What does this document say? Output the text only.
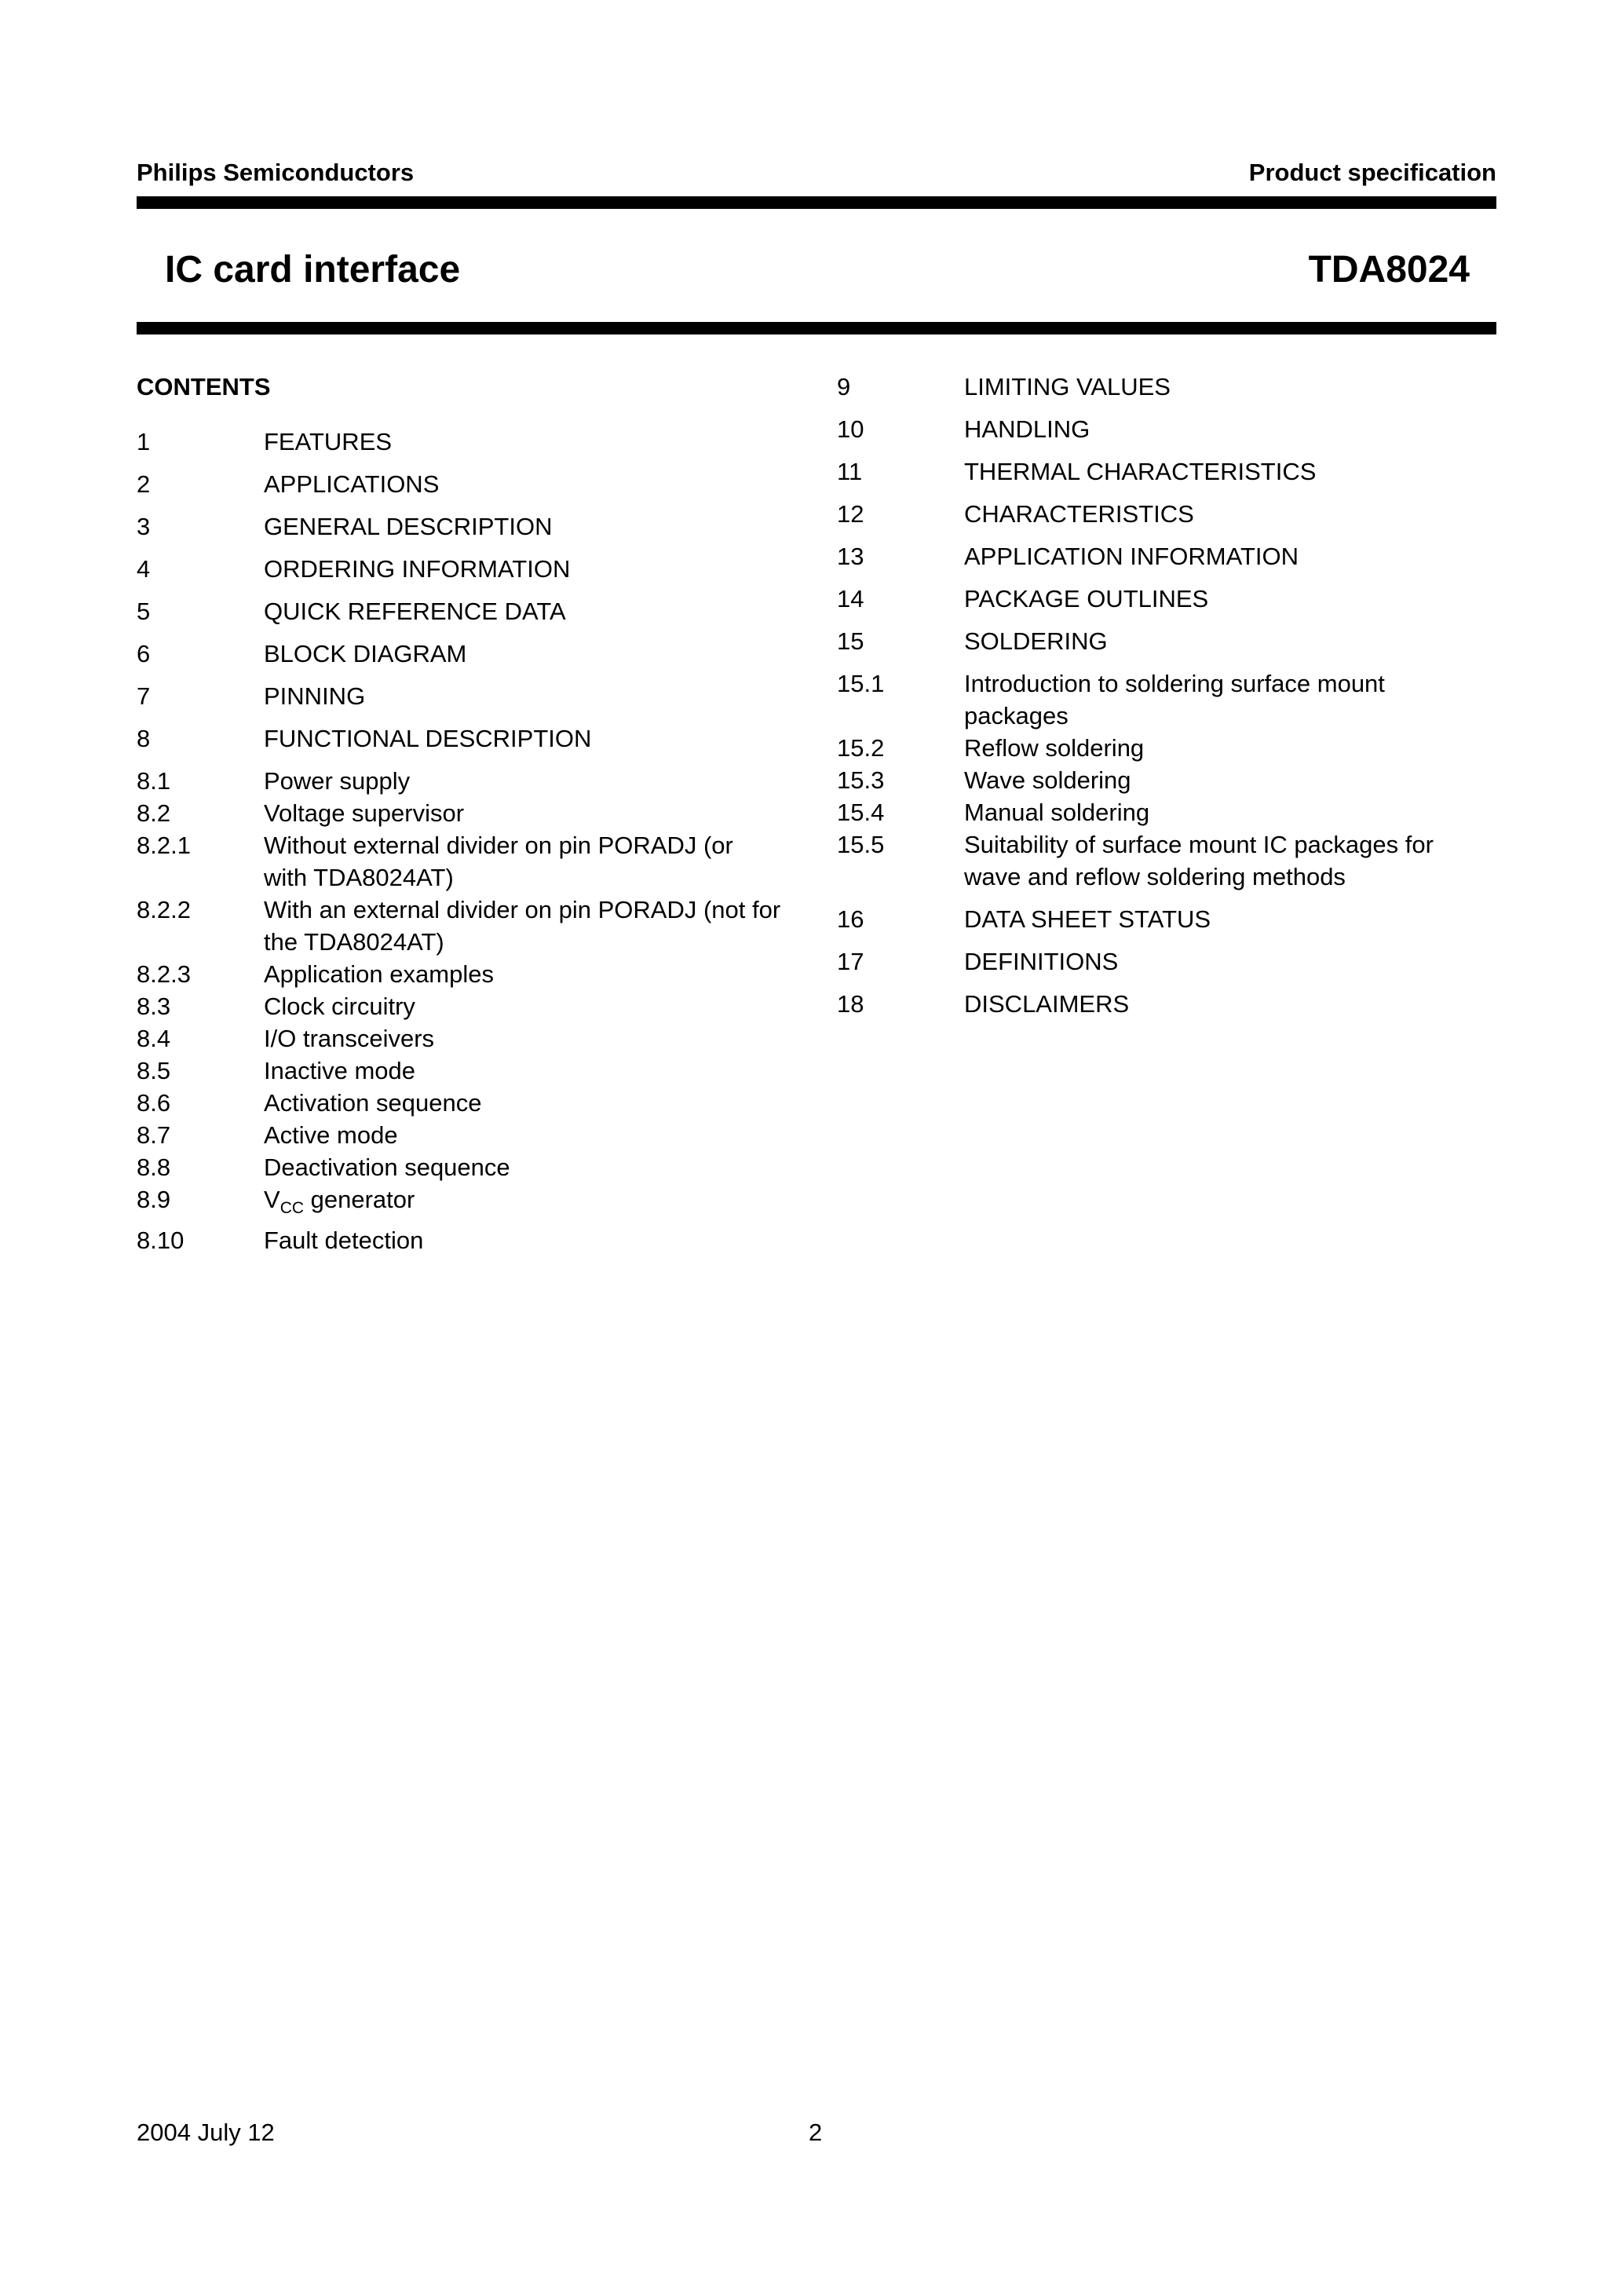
Philips Semiconductors	Product specification
IC card interface	TDA8024
CONTENTS
1	FEATURES
2	APPLICATIONS
3	GENERAL DESCRIPTION
4	ORDERING INFORMATION
5	QUICK REFERENCE DATA
6	BLOCK DIAGRAM
7	PINNING
8	FUNCTIONAL DESCRIPTION
8.1	Power supply
8.2	Voltage supervisor
8.2.1	Without external divider on pin PORADJ (or with TDA8024AT)
8.2.2	With an external divider on pin PORADJ (not for the TDA8024AT)
8.2.3	Application examples
8.3	Clock circuitry
8.4	I/O transceivers
8.5	Inactive mode
8.6	Activation sequence
8.7	Active mode
8.8	Deactivation sequence
8.9	$V_{CC}$ generator
8.10	Fault detection
9	LIMITING VALUES
10	HANDLING
11	THERMAL CHARACTERISTICS
12	CHARACTERISTICS
13	APPLICATION INFORMATION
14	PACKAGE OUTLINES
15	SOLDERING
15.1	Introduction to soldering surface mount packages
15.2	Reflow soldering
15.3	Wave soldering
15.4	Manual soldering
15.5	Suitability of surface mount IC packages for wave and reflow soldering methods
16	DATA SHEET STATUS
17	DEFINITIONS
18	DISCLAIMERS
2004 July 12	2
